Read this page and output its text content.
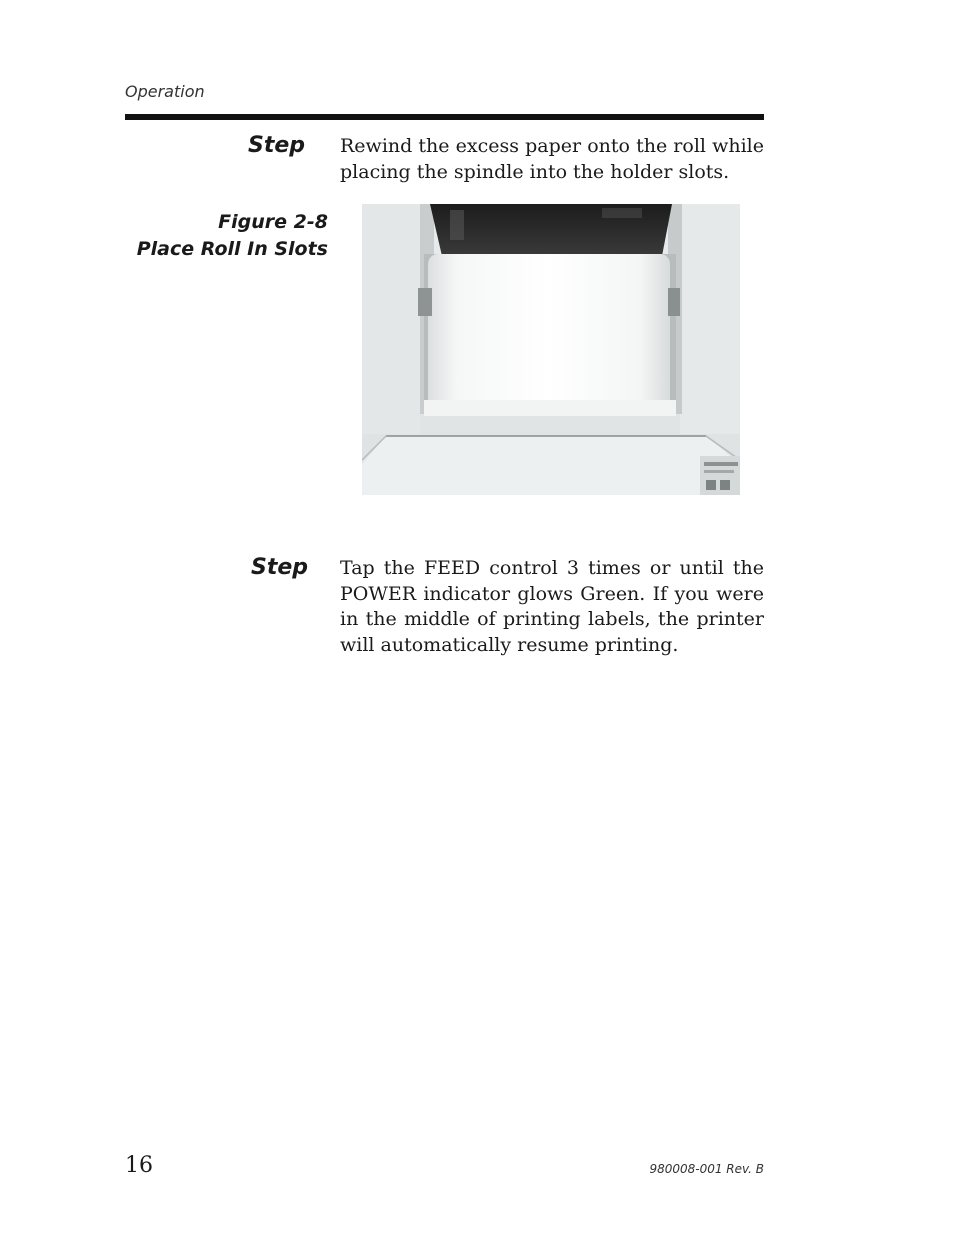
Operation
Step Rewind the excess paper onto the roll while placing the spindle into the holder slots.
Figure 2-8
Place Roll In Slots
Step Tap the FEED control 3 times or until the POWER indicator glows Green. If you were in the middle of printing labels, the printer will automatically resume printing.
16	980008-001 Rev. B
